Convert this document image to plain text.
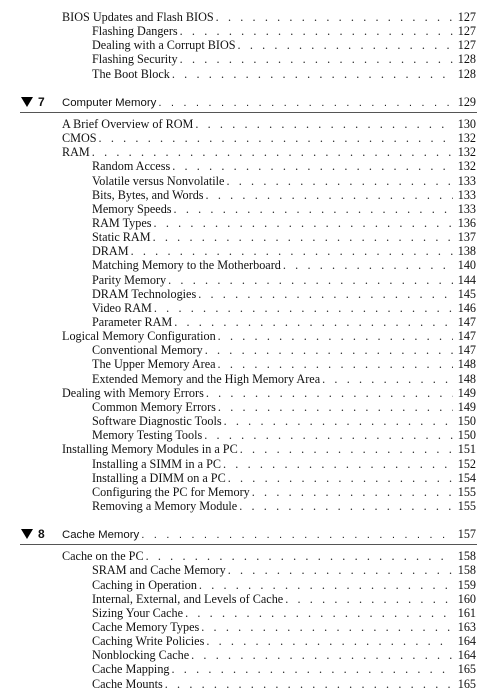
BIOS Updates and Flash BIOS . . .	127
Flashing Dangers . . .	127
Dealing with a Corrupt BIOS . . .	127
Flashing Security . . .	128
The Boot Block . . .	128
7 Computer Memory . . .	129
A Brief Overview of ROM . . .	130
CMOS . . .	132
RAM . . .	132
Random Access . . .	132
Volatile versus Nonvolatile . . .	133
Bits, Bytes, and Words . . .	133
Memory Speeds . . .	133
RAM Types . . .	136
Static RAM . . .	137
DRAM . . .	138
Matching Memory to the Motherboard . . .	140
Parity Memory . . .	144
DRAM Technologies . . .	145
Video RAM . . .	146
Parameter RAM . . .	147
Logical Memory Configuration . . .	147
Conventional Memory . . .	147
The Upper Memory Area . . .	148
Extended Memory and the High Memory Area . . .	148
Dealing with Memory Errors . . .	149
Common Memory Errors . . .	149
Software Diagnostic Tools . . .	150
Memory Testing Tools . . .	150
Installing Memory Modules in a PC . . .	151
Installing a SIMM in a PC . . .	152
Installing a DIMM on a PC . . .	154
Configuring the PC for Memory . . .	155
Removing a Memory Module . . .	155
8 Cache Memory . . .	157
Cache on the PC . . .	158
SRAM and Cache Memory . . .	158
Caching in Operation . . .	159
Internal, External, and Levels of Cache . . .	160
Sizing Your Cache . . .	161
Cache Memory Types . . .	163
Caching Write Policies . . .	164
Nonblocking Cache . . .	164
Cache Mapping . . .	165
Cache Mounts . . .	165
